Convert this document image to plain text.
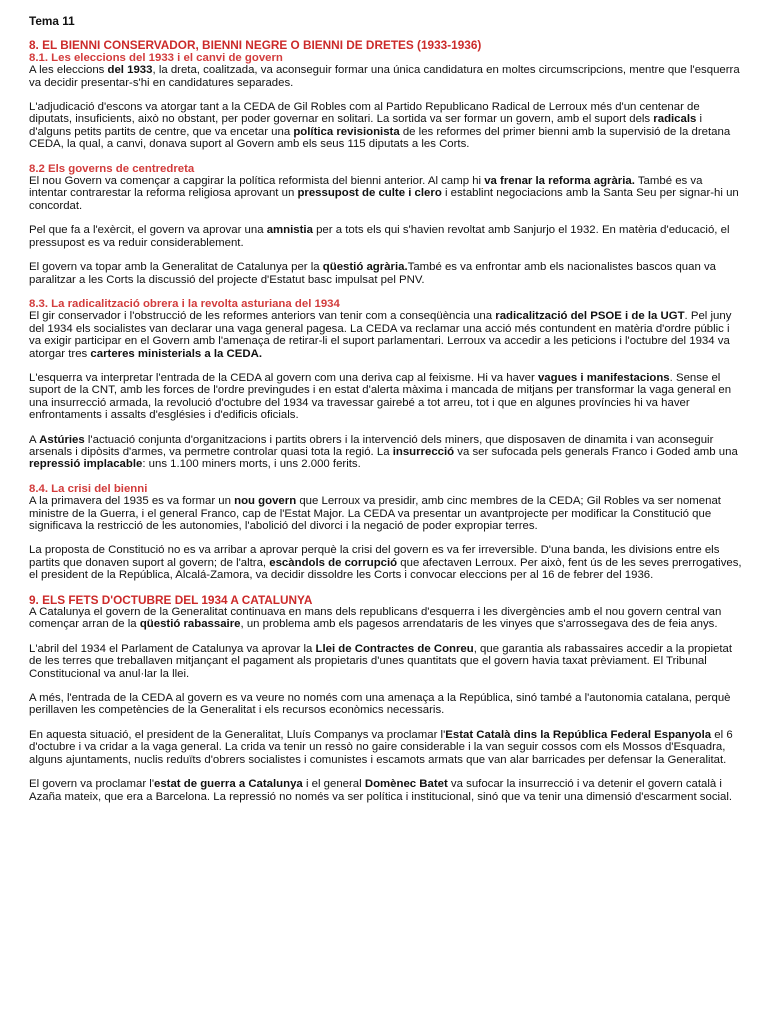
Tema 11
8. EL BIENNI CONSERVADOR, BIENNI NEGRE O BIENNI DE DRETES (1933-1936)
8.1. Les eleccions del 1933 i el canvi de govern
A les eleccions del 1933, la dreta, coalitzada, va aconseguir formar una única candidatura en moltes circumscripcions, mentre que l'esquerra va decidir presentar-s'hi en candidatures separades.
L'adjudicació d'escons va atorgar tant a la CEDA de Gil Robles com al Partido Republicano Radical de Lerroux més d'un centenar de diputats, insuficients, això no obstant, per poder governar en solitari. La sortida va ser formar un govern, amb el suport dels radicals i d'alguns petits partits de centre, que va encetar una política revisionista de les reformes del primer bienni amb la supervisió de la dretana CEDA, la qual, a canvi, donava suport al Govern amb els seus 115 diputats a les Corts.
8.2 Els governs de centredreta
El nou Govern va començar a capgirar la política reformista del bienni anterior. Al camp hi va frenar la reforma agrària. També es va intentar contrarestar la reforma religiosa aprovant un pressupost de culte i clero i establint negociacions amb la Santa Seu per signar-hi un concordat.
Pel que fa a l'exèrcit, el govern va aprovar una amnistia per a tots els qui s'havien revoltat amb Sanjurjo el 1932. En matèria d'educació, el pressupost es va reduir considerablement.
El govern va topar amb la Generalitat de Catalunya per la qüestió agrària.També es va enfrontar amb els nacionalistes bascos quan va paralitzar a les Corts la discussió del projecte d'Estatut basc impulsat pel PNV.
8.3. La radicalització obrera i la revolta asturiana del 1934
El gir conservador i l'obstrucció de les reformes anteriors van tenir com a conseqüència una radicalització del PSOE i de la UGT. Pel juny del 1934 els socialistes van declarar una vaga general pagesa. La CEDA va reclamar una acció més contundent en matèria d'ordre públic i va exigir participar en el Govern amb l'amenaça de retirar-li el suport parlamentari. Lerroux va accedir a les peticions i l'octubre del 1934 va atorgar tres carteres ministerials a la CEDA.
L'esquerra va interpretar l'entrada de la CEDA al govern com una deriva cap al feixisme. Hi va haver vagues i manifestacions. Sense el suport de la CNT, amb les forces de l'ordre previngudes i en estat d'alerta màxima i mancada de mitjans per transformar la vaga general en una insurrecció armada, la revolució d'octubre del 1934 va travessar gairebé a tot arreu, tot i que en algunes províncies hi va haver enfrontaments i assalts d'esglésies i d'edificis oficials.
A Astúries l'actuació conjunta d'organitzacions i partits obrers i la intervenció dels miners, que disposaven de dinamita i van aconseguir arsenals i dipòsits d'armes, va permetre controlar quasi tota la regió. La insurrecció va ser sufocada pels generals Franco i Goded amb una repressió implacable: uns 1.100 miners morts, i uns 2.000 ferits.
8.4. La crisi del bienni
A la primavera del 1935 es va formar un nou govern que Lerroux va presidir, amb cinc membres de la CEDA; Gil Robles va ser nomenat ministre de la Guerra, i el general Franco, cap de l'Estat Major. La CEDA va presentar un avantprojecte per modificar la Constitució que significava la restricció de les autonomies, l'abolició del divorci i la negació de poder expropiar terres.
La proposta de Constitució no es va arribar a aprovar perquè la crisi del govern es va fer irreversible. D'una banda, les divisions entre els partits que donaven suport al govern; de l'altra, escàndols de corrupció que afectaven Lerroux. Per això, fent ús de les seves prerrogatives, el president de la República, Alcalá-Zamora, va decidir dissoldre les Corts i convocar eleccions per al 16 de febrer del 1936.
9. ELS FETS D'OCTUBRE DEL 1934 A CATALUNYA
A Catalunya el govern de la Generalitat continuava en mans dels republicans d'esquerra i les divergències amb el nou govern central van començar arran de la qüestió rabassaire, un problema amb els pagesos arrendataris de les vinyes que s'arrossegava des de feia anys.
L'abril del 1934 el Parlament de Catalunya va aprovar la Llei de Contractes de Conreu, que garantia als rabassaires accedir a la propietat de les terres que treballaven mitjançant el pagament als propietaris d'unes quantitats que el govern havia taxat prèviament. El Tribunal Constitucional va anul·lar la llei.
A més, l'entrada de la CEDA al govern es va veure no només com una amenaça a la República, sinó també a l'autonomia catalana, perquè perillaven les competències de la Generalitat i els recursos econòmics necessaris.
En aquesta situació, el president de la Generalitat, Lluís Companys va proclamar l'Estat Català dins la República Federal Espanyola el 6 d'octubre i va cridar a la vaga general. La crida va tenir un ressò no gaire considerable i la van seguir cossos com els Mossos d'Esquadra, alguns ajuntaments, nuclis reduïts d'obrers socialistes i comunistes i escamots armats que van alar barricades per defensar la Generalitat.
El govern va proclamar l'estat de guerra a Catalunya i el general Domènec Batet va sufocar la insurrecció i va detenir el govern català i Azaña mateix, que era a Barcelona. La repressió no només va ser política i institucional, sinó que va tenir una dimensió d'escarment social.
